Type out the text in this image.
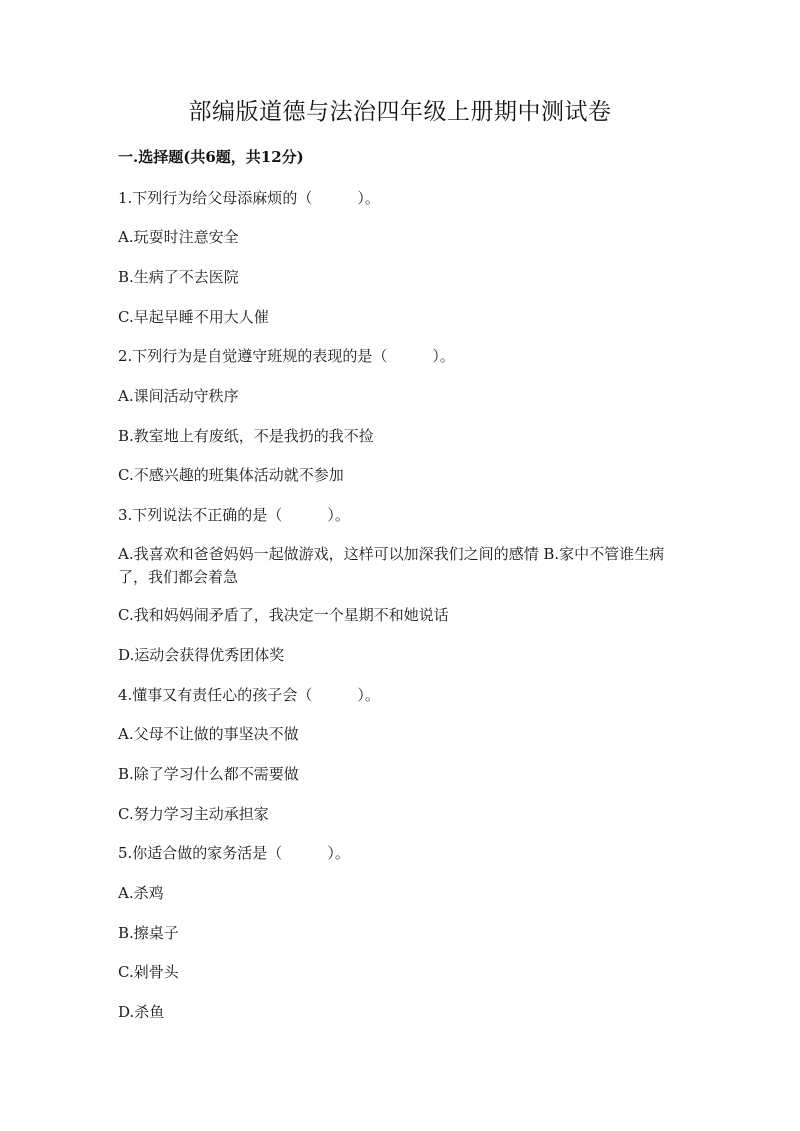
部编版道德与法治四年级上册期中测试卷
一.选择题(共6题，共12分)
1.下列行为给父母添麻烦的（　　　）。
A.玩耍时注意安全
B.生病了不去医院
C.早起早睡不用大人催
2.下列行为是自觉遵守班规的表现的是（　　　）。
A.课间活动守秩序
B.教室地上有废纸，不是我扔的我不捡
C.不感兴趣的班集体活动就不参加
3.下列说法不正确的是（　　　）。
A.我喜欢和爸爸妈妈一起做游戏，这样可以加深我们之间的感情 B.家中不管谁生病了，我们都会着急
C.我和妈妈闹矛盾了，我决定一个星期不和她说话
D.运动会获得优秀团体奖
4.懂事又有责任心的孩子会（　　　）。
A.父母不让做的事坚决不做
B.除了学习什么都不需要做
C.努力学习主动承担家
5.你适合做的家务活是（　　　）。
A.杀鸡
B.擦桌子
C.剁骨头
D.杀鱼
